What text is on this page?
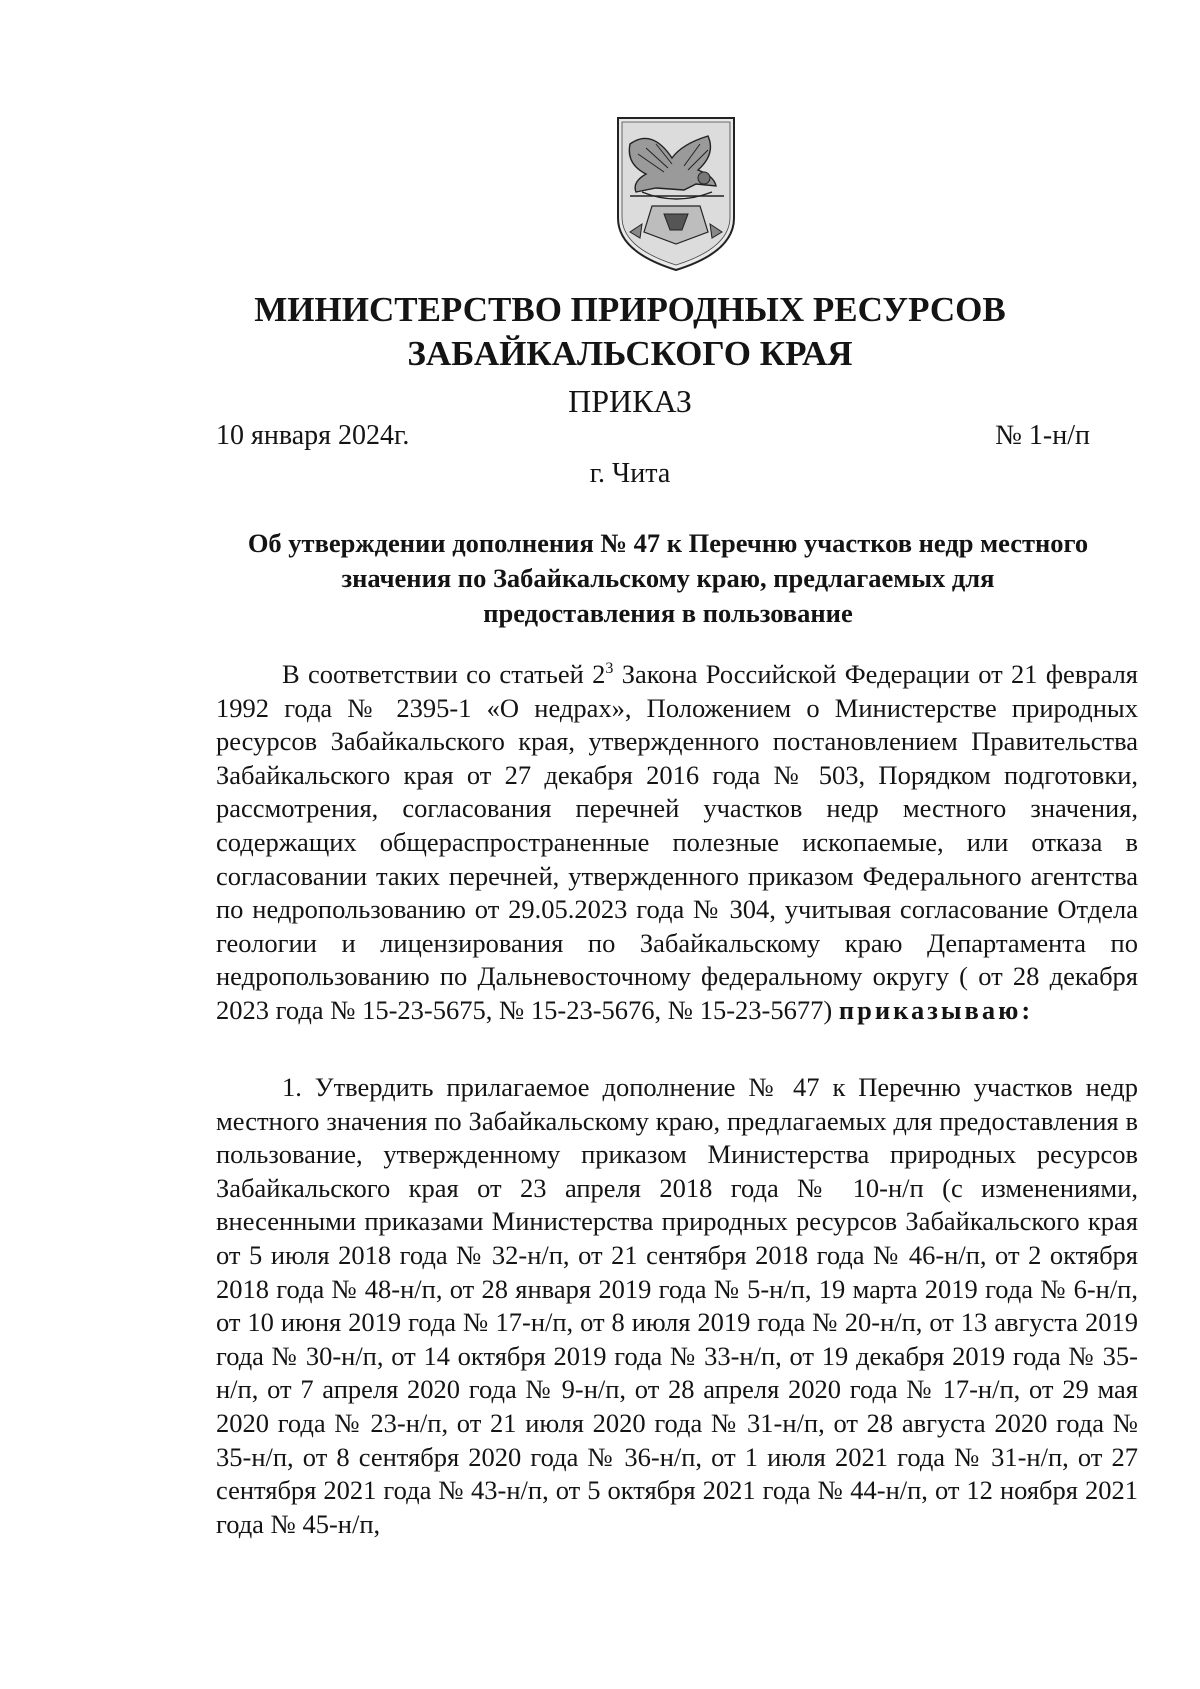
МИНИСТЕРСТВО ПРИРОДНЫХ РЕСУРСОВ
ЗАБАЙКАЛЬСКОГО КРАЯ
ПРИКАЗ
10 января 2024г.	№ 1-н/п
г. Чита
Об утверждении дополнения № 47 к Перечню участков недр местного
значения по Забайкальскому краю, предлагаемых для
предоставления в пользование

В соответствии со статьей $2^3$ Закона Российской Федерации от 21 февраля 1992 года № 2395-1 «О недрах», Положением о Министерстве природных ресурсов Забайкальского края, утвержденного постановлением Правительства Забайкальского края от 27 декабря 2016 года № 503, Порядком подготовки, рассмотрения, согласования перечней участков недр местного значения, содержащих общераспространенные полезные ископаемые, или отказа в согласовании таких перечней, утвержденного приказом Федерального агентства по недропользованию от 29.05.2023 года № 304, учитывая согласование Отдела геологии и лицензирования по Забайкальскому краю Департамента по недропользованию по Дальневосточному федеральному округу ( от 28 декабря 2023 года № 15-23-5675, № 15-23-5676, № 15-23-5677) приказываю:

1. Утвердить прилагаемое дополнение № 47 к Перечню участков недр местного значения по Забайкальскому краю, предлагаемых для предоставления в пользование, утвержденному приказом Министерства природных ресурсов Забайкальского края от 23 апреля 2018 года № 10-н/п (с изменениями, внесенными приказами Министерства природных ресурсов Забайкальского края от 5 июля 2018 года № 32-н/п, от 21 сентября 2018 года № 46-н/п, от 2 октября 2018 года № 48-н/п, от 28 января 2019 года № 5-н/п, 19 марта 2019 года № 6-н/п, от 10 июня 2019 года № 17-н/п, от 8 июля 2019 года № 20-н/п, от 13 августа 2019 года № 30-н/п, от 14 октября 2019 года № 33-н/п, от 19 декабря 2019 года № 35-н/п, от 7 апреля 2020 года № 9-н/п, от 28 апреля 2020 года № 17-н/п, от 29 мая 2020 года № 23-н/п, от 21 июля 2020 года № 31-н/п, от 28 августа 2020 года № 35-н/п, от 8 сентября 2020 года № 36-н/п, от 1 июля 2021 года № 31-н/п, от 27 сентября 2021 года № 43-н/п, от 5 октября 2021 года № 44-н/п, от 12 ноября 2021 года № 45-н/п,
